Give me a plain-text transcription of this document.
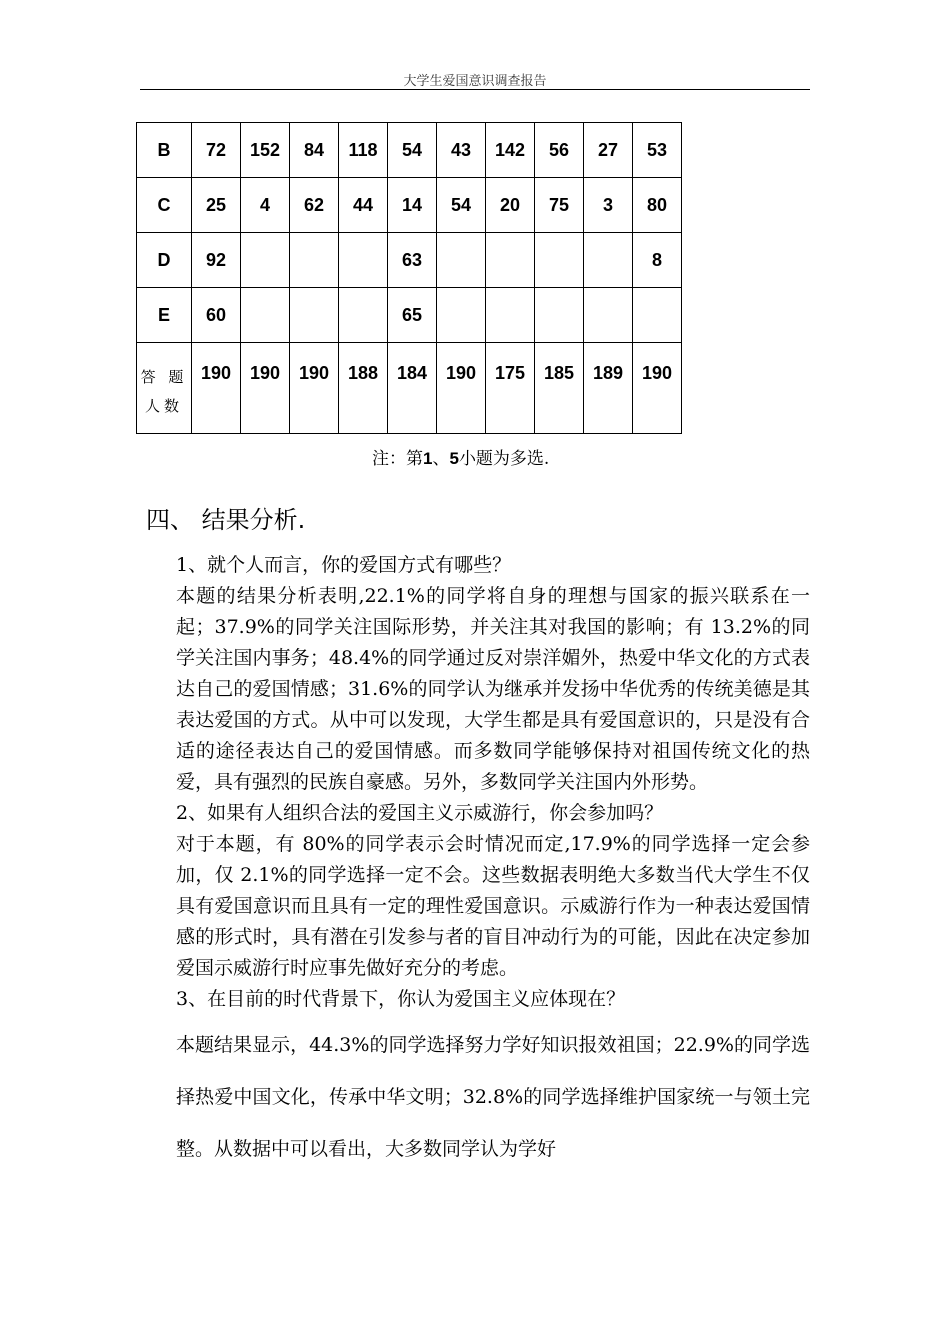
大学生爱国意识调查报告
B	72	152	84	118	54	43	142	56	27	53
C	25	4	62	44	14	54	20	75	3	80
D	92				63					8
E	60				65					
答 题
人数	190	190	190	188	184	190	175	185	189	190
注：第1、5小题为多选.
四、 结果分析.

1、就个人而言，你的爱国方式有哪些？

本题的结果分析表明,22.1%的同学将自身的理想与国家的振兴联系在一起；37.9%的同学关注国际形势，并关注其对我国的影响；有 13.2%的同学关注国内事务；48.4%的同学通过反对崇洋媚外，热爱中华文化的方式表达自己的爱国情感；31.6%的同学认为继承并发扬中华优秀的传统美德是其表达爱国的方式。从中可以发现，大学生都是具有爱国意识的，只是没有合适的途径表达自己的爱国情感。而多数同学能够保持对祖国传统文化的热爱，具有强烈的民族自豪感。另外，多数同学关注国内外形势。

2、如果有人组织合法的爱国主义示威游行，你会参加吗？

对于本题，有 80%的同学表示会时情况而定,17.9%的同学选择一定会参加，仅 2.1%的同学选择一定不会。这些数据表明绝大多数当代大学生不仅具有爱国意识而且具有一定的理性爱国意识。示威游行作为一种表达爱国情感的形式时，具有潜在引发参与者的盲目冲动行为的可能，因此在决定参加爱国示威游行时应事先做好充分的考虑。

3、在目前的时代背景下，你认为爱国主义应体现在？

本题结果显示，44.3%的同学选择努力学好知识报效祖国；22.9%的同学选择热爱中国文化，传承中华文明；32.8%的同学选择维护国家统一与领土完整。从数据中可以看出，大多数同学认为学好
